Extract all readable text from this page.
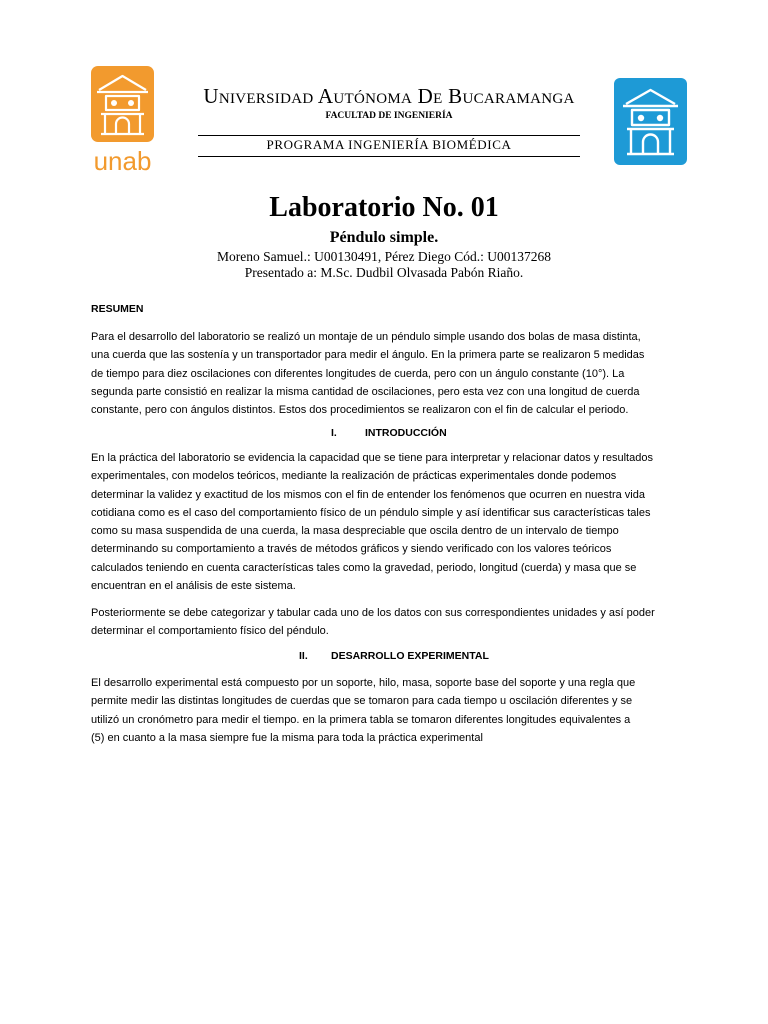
unab
Universidad Autónoma De Bucaramanga
FACULTAD DE INGENIERÍA
PROGRAMA INGENIERÍA BIOMÉDICA
Laboratorio No. 01
Péndulo simple.
Moreno Samuel.: U00130491, Pérez Diego Cód.: U00137268
Presentado a: M.Sc. Dudbil Olvasada Pabón Riaño.
RESUMEN

Para el desarrollo del laboratorio se realizó un montaje de un péndulo simple usando dos bolas de masa distinta,
una cuerda que las sostenía y un transportador para medir el ángulo. En la primera parte se realizaron 5 medidas
de tiempo para diez oscilaciones con diferentes longitudes de cuerda, pero con un ángulo constante (10°). La
segunda parte consistió en realizar la misma cantidad de oscilaciones, pero esta vez con una longitud de cuerda
constante, pero con ángulos distintos. Estos dos procedimientos se realizaron con el fin de calcular el periodo.

I.	INTRODUCCIÓN

En la práctica del laboratorio se evidencia la capacidad que se tiene para interpretar y relacionar datos y resultados
experimentales, con modelos teóricos, mediante la realización de prácticas experimentales donde podemos
determinar la validez y exactitud de los mismos con el fin de entender los fenómenos que ocurren en nuestra vida
cotidiana como es el caso del comportamiento físico de un péndulo simple y así identificar sus características tales
como su masa suspendida de una cuerda, la masa despreciable que oscila dentro de un intervalo de tiempo
determinando su comportamiento a través de métodos gráficos y siendo verificado con los valores teóricos
calculados teniendo en cuenta características tales como la gravedad, periodo, longitud (cuerda) y masa que se
encuentran en el análisis de este sistema.

Posteriormente se debe categorizar y tabular cada uno de los datos con sus correspondientes unidades y así poder
determinar el comportamiento físico del péndulo.

II. DESARROLLO EXPERIMENTAL

El desarrollo experimental está compuesto por un soporte, hilo, masa, soporte base del soporte y una regla que
permite medir las distintas longitudes de cuerdas que se tomaron para cada tiempo u oscilación diferentes y se
utilizó un cronómetro para medir el tiempo. en la primera tabla se tomaron diferentes longitudes equivalentes a
(5) en cuanto a la masa siempre fue la misma para toda la práctica experimental
